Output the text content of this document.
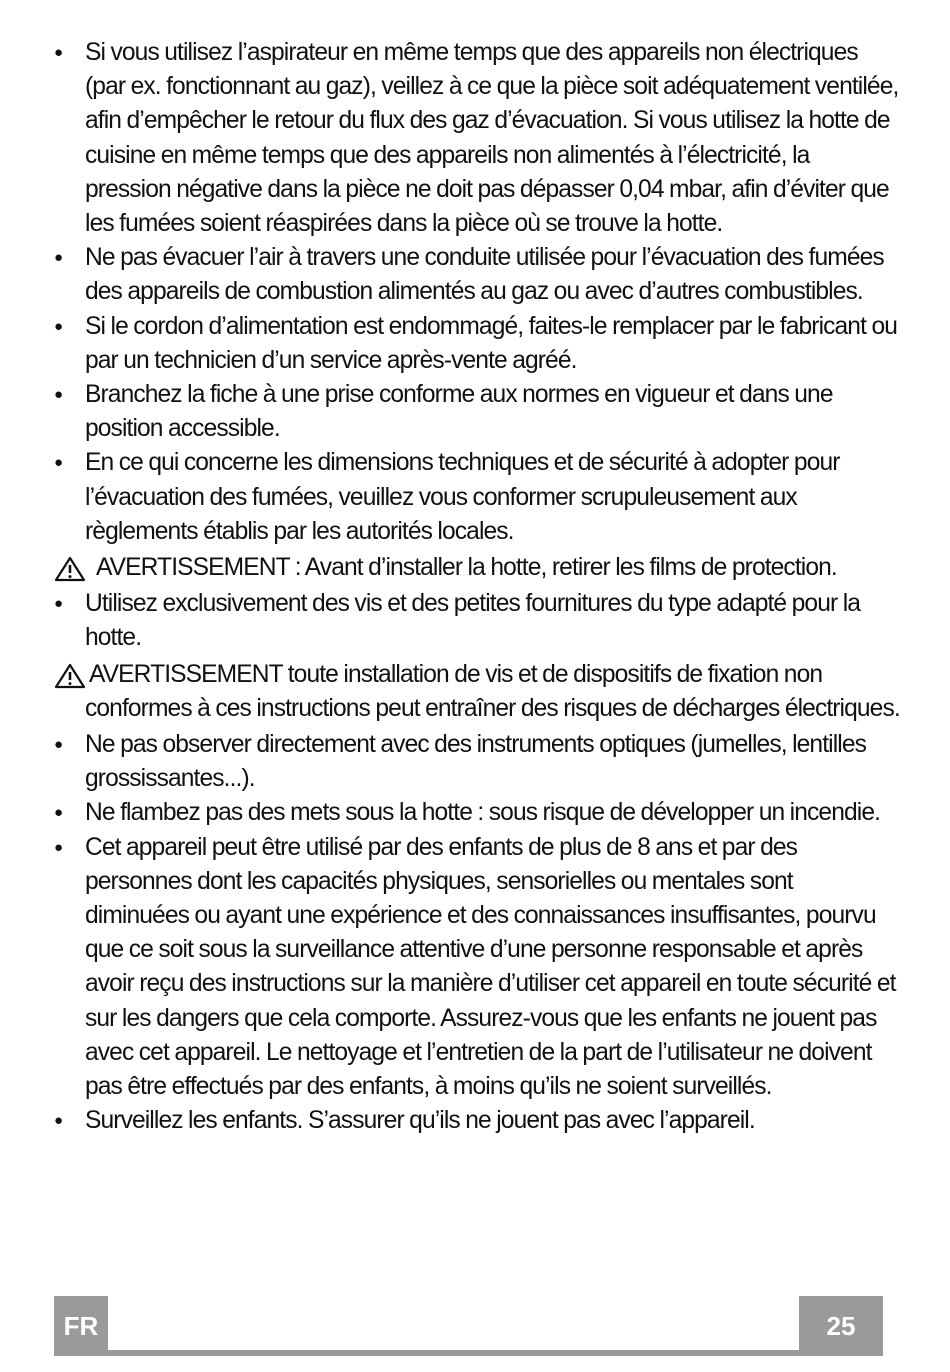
● Si vous utilisez l’aspirateur en même temps que des appareils non électriques (par ex. fonctionnant au gaz), veillez à ce que la pièce soit adéquatement ventilée, afin d’empêcher le retour du flux des gaz d’évacuation. Si vous utilisez la hotte de cuisine en même temps que des appareils non alimentés à l’électricité, la pression négative dans la pièce ne doit pas dépasser 0,04 mbar, afin d’éviter que les fumées soient réaspirées dans la pièce où se trouve la hotte.
● Ne pas évacuer l’air à travers une conduite utilisée pour l’évacuation des fumées des appareils de combustion alimentés au gaz ou avec d’autres combustibles.
● Si le cordon d’alimentation est endommagé, faites-le remplacer par le fabricant ou par un technicien d’un service après-vente agréé.
● Branchez la fiche à une prise conforme aux normes en vigueur et dans une position accessible.
● En ce qui concerne les dimensions techniques et de sécurité à adopter pour l’évacuation des fumées, veuillez vous conformer scrupuleusement aux règlements établis par les autorités locales.
AVERTISSEMENT : Avant d’installer la hotte, retirer les films de protection.
● Utilisez exclusivement des vis et des petites fournitures du type adapté pour la hotte.
AVERTISSEMENT toute installation de vis et de dispositifs de fixation non conformes à ces instructions peut entraîner des risques de décharges électriques.
● Ne pas observer directement avec des instruments optiques (jumelles, lentilles grossissantes...).
● Ne flambez pas des mets sous la hotte : sous risque de développer un incendie.
● Cet appareil peut être utilisé par des enfants de plus de 8 ans et par des personnes dont les capacités physiques, sensorielles ou mentales sont diminuées ou ayant une expérience et des connaissances insuffisantes, pourvu que ce soit sous la surveillance attentive d’une personne responsable et après avoir reçu des instructions sur la manière d’utiliser cet appareil en toute sécurité et sur les dangers que cela comporte. Assurez-vous que les enfants ne jouent pas avec cet appareil. Le nettoyage et l’entretien de la part de l’utilisateur ne doivent pas être effectués par des enfants, à moins qu’ils ne soient surveillés.
● Surveillez les enfants. S’assurer qu’ils ne jouent pas avec l’appareil.
FR	25
